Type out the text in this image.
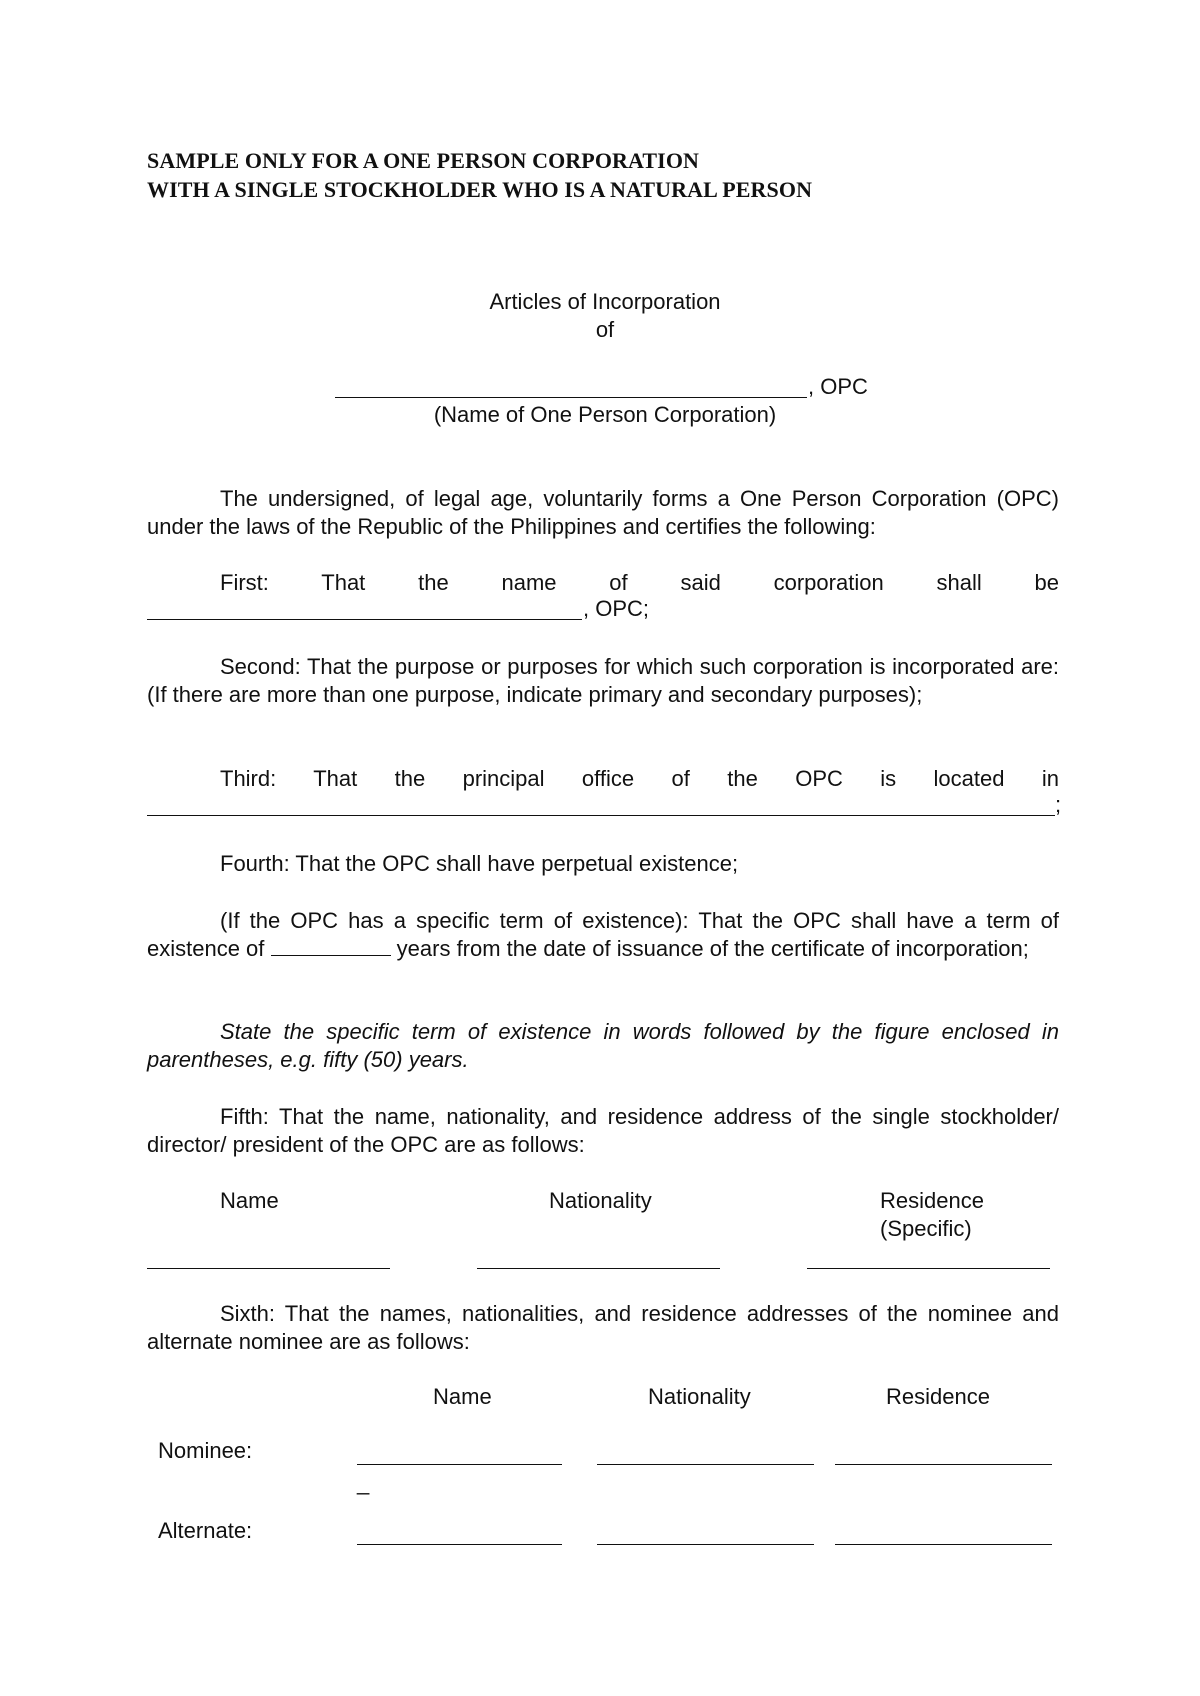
SAMPLE ONLY FOR A ONE PERSON CORPORATION
WITH A SINGLE STOCKHOLDER WHO IS A NATURAL PERSON
Articles of Incorporation
of
, OPC
(Name of One Person Corporation)
The undersigned, of legal age, voluntarily forms a One Person Corporation (OPC) under the laws of the Republic of the Philippines and certifies the following:
First: That the name of said corporation shall be
, OPC;
Second: That the purpose or purposes for which such corporation is incorporated are: (If there are more than one purpose, indicate primary and secondary purposes);
Third: That the principal office of the OPC is located in
;
Fourth: That the OPC shall have perpetual existence;
(If the OPC has a specific term of existence): That the OPC shall have a term of existence of	years from the date of issuance of the certificate of incorporation;
State the specific term of existence in words followed by the figure enclosed in parentheses, e.g. fifty (50) years.
Fifth: That the name, nationality, and residence address of the single stockholder/ director/ president of the OPC are as follows:
Name	Nationality	Residence
(Specific)
Sixth: That the names, nationalities, and residence addresses of the nominee and alternate nominee are as follows:
Name	Nationality	Residence
Nominee:
_
Alternate:
